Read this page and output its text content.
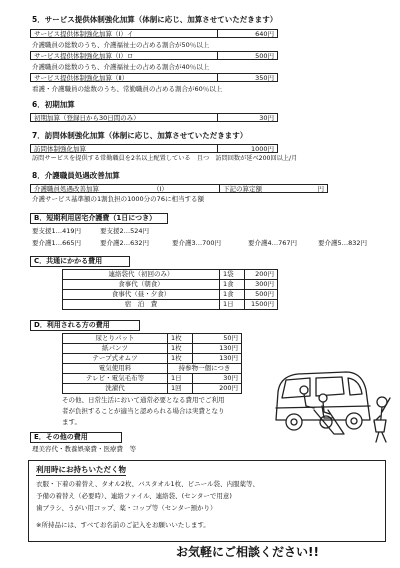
5．サービス提供体制強化加算（体制に応じ、加算させていただきます）
サービス提供体制強化加算（Ⅰ）イ	640円
介護職員の総数のうち、介護福祉士の占める割合が50％以上
サービス提供体制強化加算（Ⅰ）ロ	500円
介護職員の総数のうち、介護福祉士の占める割合が40％以上
サービス提供体制強化加算（Ⅱ）	350円
看護・介護職員の総数のうち、常勤職員の占める割合が60％以上
6．初期加算
初期加算（登録日から30日間のみ）	30円
7．訪問体制強化加算（体制に応じ、加算させていただきます）
訪問体制強化加算	1000円
訪問サービスを提供する常勤職員を2名以上配置している　且つ　訪問回数が延べ200回以上/月
8．介護職員処遇改善加算
介護職員処遇改善加算	（Ⅰ）	下記の算定額	円
介護サービス基準額の1割負担の1000分の76に相当する額
B．短期利用居宅介護費（1日につき）
要支援1…419円	要支援2…524円
要介護1…665円	要介護2…632円	要介護3…700円	要介護4…767円	要介護5…832円
C．共通にかかる費用
連絡袋代（初回のみ）	1袋	200円
食事代（朝食）	1食	300円
食事代（昼・夕食）	1食	500円
宿　泊　費	1日	1500円
D．利用される方の費用
尿とりパット	1枚	50円
紙パンツ	1枚	130円
テープ式オムツ	1枚	130円
電気使用料	持参物一個につき	
テレビ・電気毛布等	1日	30円
洗濯代	1回	200円
その他、日常生活において通常必要となる費用でご利用
者が負担することが適当と認められる場合は実費となり
ます。
E．その他の費用
理美容代・教養娯楽費・医療費　等
利用時にお持ちいただく物
衣服・下着の着替え、タオル2枚、バスタオル1枚、ビニール袋、内服薬等、
予備の着替え（必要時）、連絡ファイル、連絡袋、(センターで用意)
歯ブラシ、うがい用コップ、薬・コップ等（センター預かり）
※所持品には、すべてお名前のご記入をお願いいたします。
お気軽にご相談ください!!
